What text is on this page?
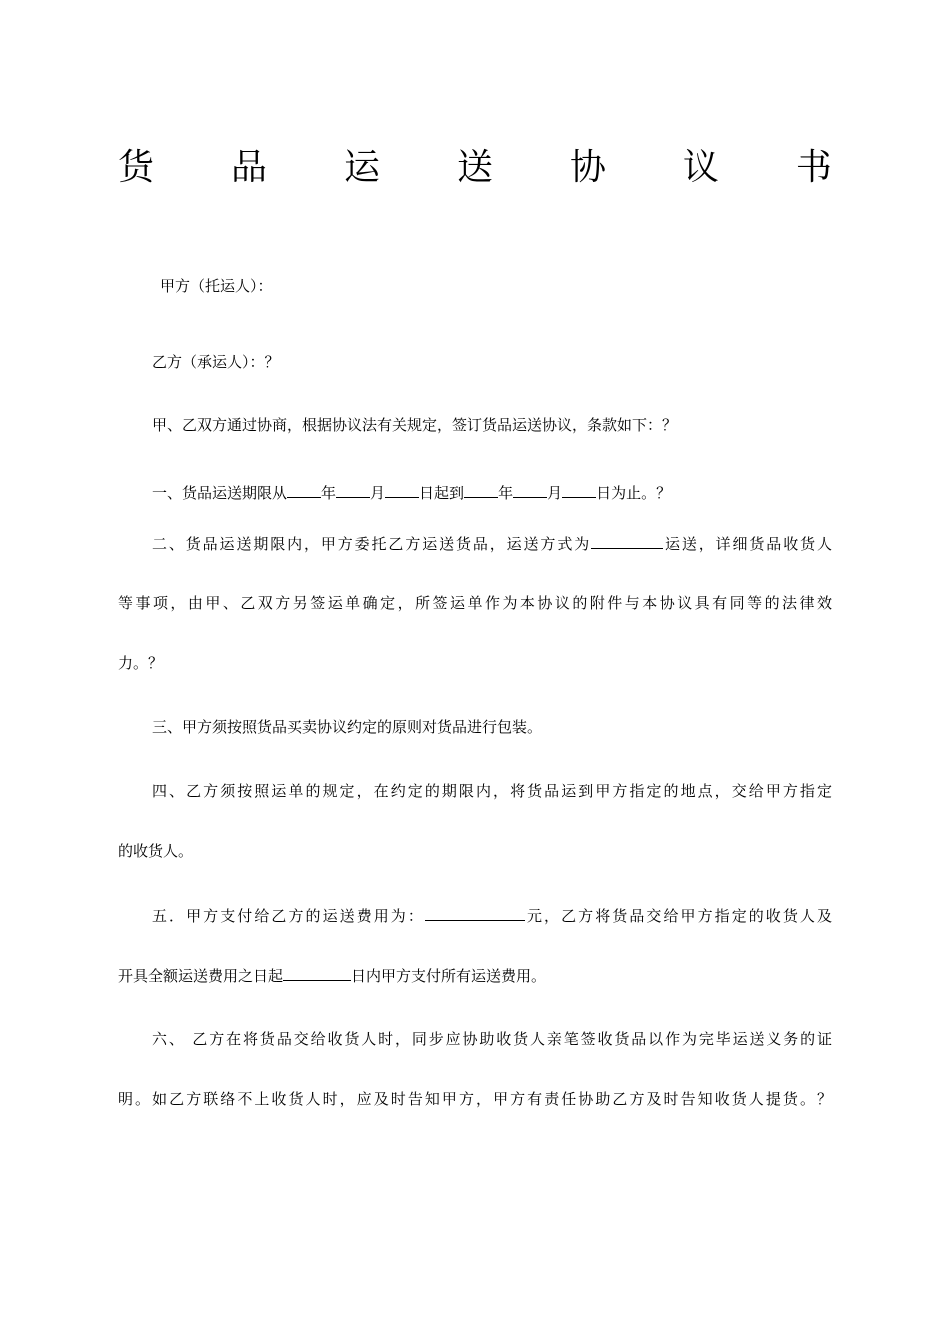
货 品 运 送 协 议 书
甲方（托运人）：
乙方（承运人）：？
甲、乙双方通过协商，根据协议法有关规定，签订货品运送协议，条款如下：？
一、货品运送期限从 年 月 日起到 年 月 日为止。？
二、货品运送期限内，甲方委托乙方运送货品，运送方式为	运送，详细货品收货人
等事项，由甲、乙双方另签运单确定，所签运单作为本协议的附件与本协议具有同等的法律效
力。？
三、甲方须按照货品买卖协议约定的原则对货品进行包装。
四、乙方须按照运单的规定，在约定的期限内，将货品运到甲方指定的地点，交给甲方指定
的收货人。
五．甲方支付给乙方的运送费用为：	元，乙方将货品交给甲方指定的收货人及
开具全额运送费用之日起	日内甲方支付所有运送费用。
六、 乙方在将货品交给收货人时，同步应协助收货人亲笔签收货品以作为完毕运送义务的证
明。如乙方联络不上收货人时，应及时告知甲方，甲方有责任协助乙方及时告知收货人提货。？
